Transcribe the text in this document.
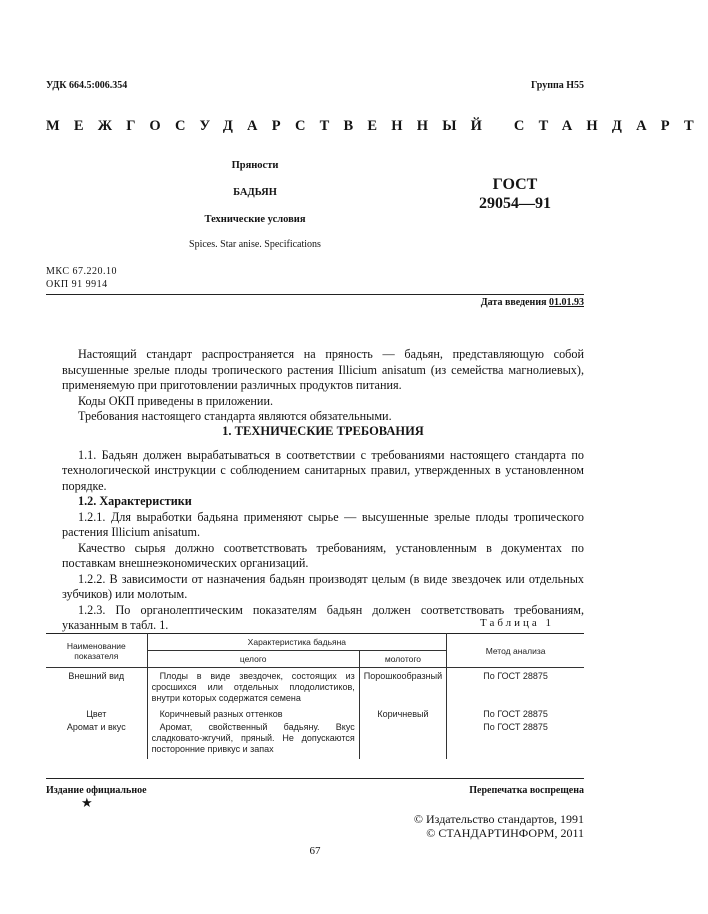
УДК 664.5:006.354	Группа Н55
МЕЖГОСУДАРСТВЕННЫЙ СТАНДАРТ
Пряности
БАДЬЯН
Технические условия
Spices. Star anise. Specifications
ГОСТ
29054—91
МКС 67.220.10
ОКП 91 9914
Дата введения 01.01.93

Настоящий стандарт распространяется на пряность — бадьян, представляющую собой высушенные зрелые плоды тропического растения Illicium anisatum (из семейства магнолиевых), применяемую при приготовлении различных продуктов питания.

Коды ОКП приведены в приложении.

Требования настоящего стандарта являются обязательными.

1. ТЕХНИЧЕСКИЕ ТРЕБОВАНИЯ

1.1. Бадьян должен вырабатываться в соответствии с требованиями настоящего стандарта по технологической инструкции с соблюдением санитарных правил, утвержденных в установленном порядке.

1.2. Характеристики

1.2.1. Для выработки бадьяна применяют сырье — высушенные зрелые плоды тропического растения Illicium anisatum.

Качество сырья должно соответствовать требованиям, установленным в документах по поставкам внешнеэкономических организаций.

1.2.2. В зависимости от назначения бадьян производят целым (в виде звездочек или отдельных зубчиков) или молотым.

1.2.3. По органолептическим показателям бадьян должен соответствовать требованиям, указанным в табл. 1.	Таблица 1
Наименование показателя	Характеристика бадьяна		Метод анализа
	целого	молотого	
Внешний вид	Плоды в виде звездочек, состоящих из сросшихся или отдельных плодолистиков, внутри которых содержатся семена	Порошкообразный	По ГОСТ 28875
Цвет	Коричневый разных оттенков	Коричневый	По ГОСТ 28875
Аромат и вкус	Аромат, свойственный бадьяну. Вкус сладковато-жгучий, пряный. Не допускаются посторонние привкус и запах		По ГОСТ 28875
Издание официальное	Перепечатка воспрещена
★
© Издательство стандартов, 1991
© СТАНДАРТИНФОРМ, 2011
67
